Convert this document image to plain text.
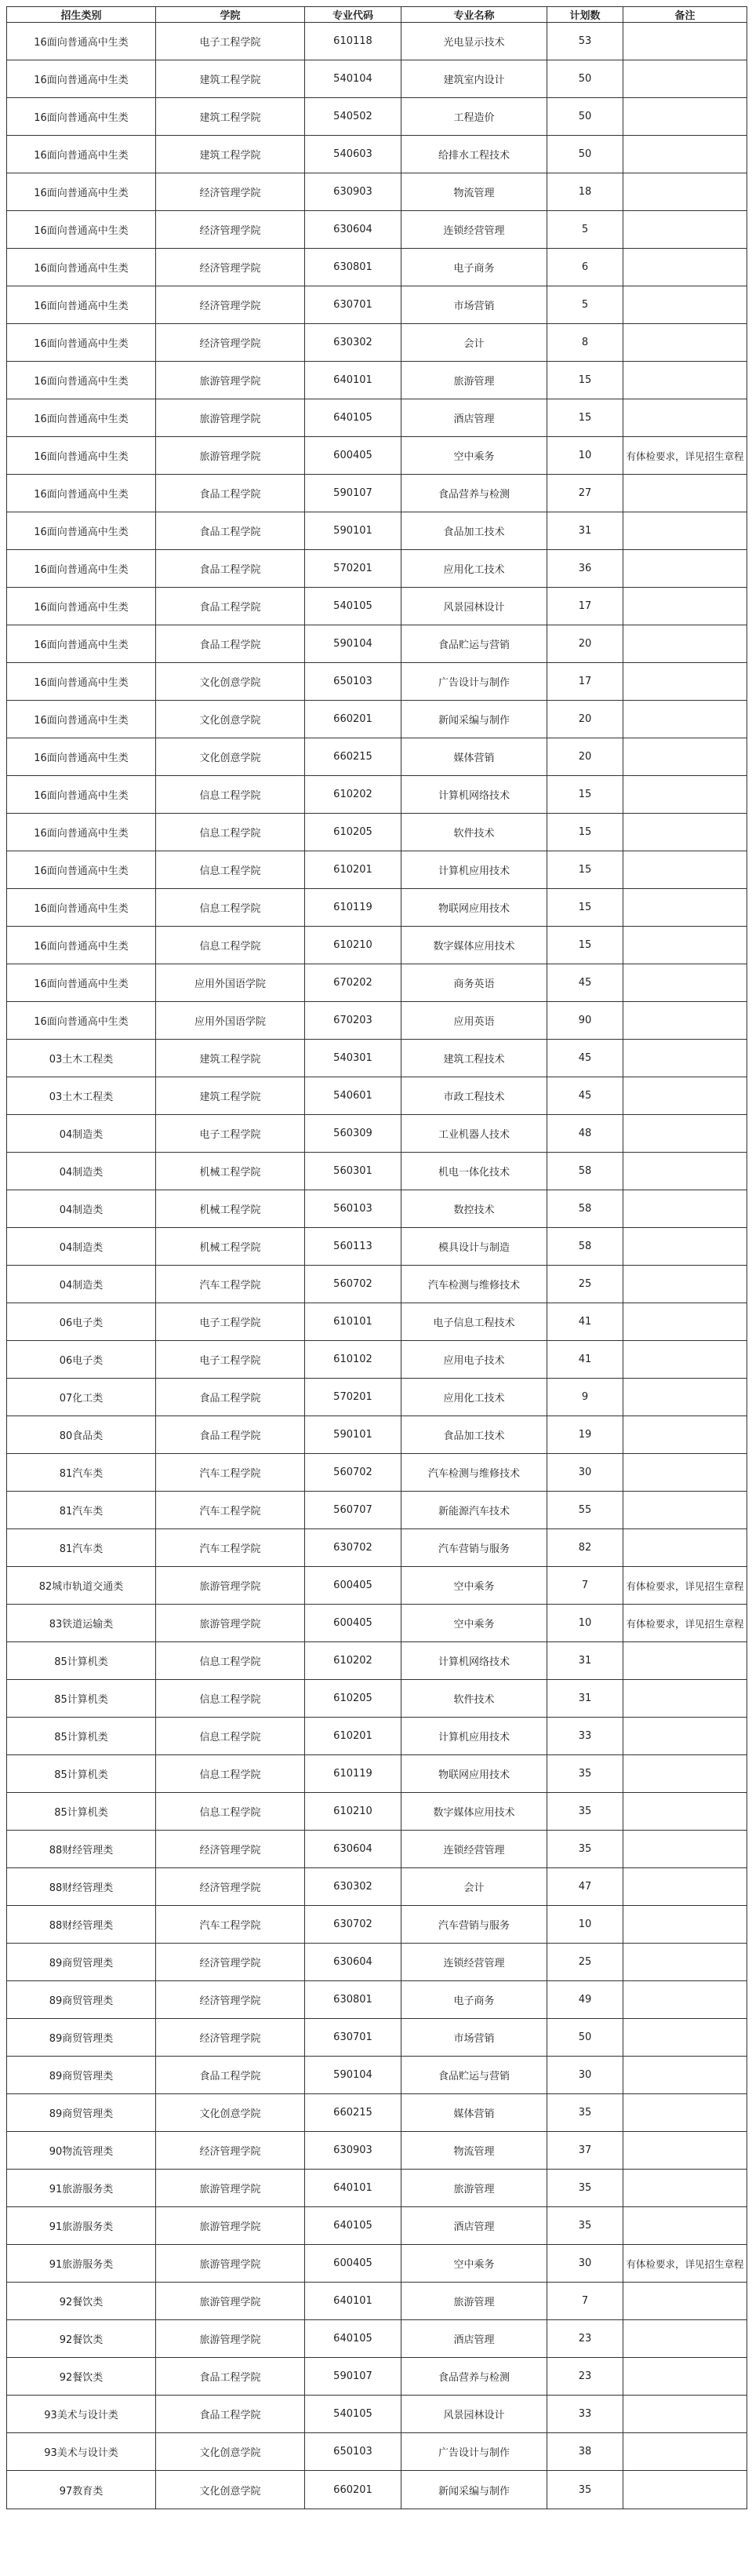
招生类别	学院	专业代码	专业名称	计划数	备注
16面向普通高中生类	电子工程学院	610118	光电显示技术	53	
16面向普通高中生类	建筑工程学院	540104	建筑室内设计	50	
16面向普通高中生类	建筑工程学院	540502	工程造价	50	
16面向普通高中生类	建筑工程学院	540603	给排水工程技术	50	
16面向普通高中生类	经济管理学院	630903	物流管理	18	
16面向普通高中生类	经济管理学院	630604	连锁经营管理	5	
16面向普通高中生类	经济管理学院	630801	电子商务	6	
16面向普通高中生类	经济管理学院	630701	市场营销	5	
16面向普通高中生类	经济管理学院	630302	会计	8	
16面向普通高中生类	旅游管理学院	640101	旅游管理	15	
16面向普通高中生类	旅游管理学院	640105	酒店管理	15	
16面向普通高中生类	旅游管理学院	600405	空中乘务	10	有体检要求，详见招生章程
16面向普通高中生类	食品工程学院	590107	食品营养与检测	27	
16面向普通高中生类	食品工程学院	590101	食品加工技术	31	
16面向普通高中生类	食品工程学院	570201	应用化工技术	36	
16面向普通高中生类	食品工程学院	540105	风景园林设计	17	
16面向普通高中生类	食品工程学院	590104	食品贮运与营销	20	
16面向普通高中生类	文化创意学院	650103	广告设计与制作	17	
16面向普通高中生类	文化创意学院	660201	新闻采编与制作	20	
16面向普通高中生类	文化创意学院	660215	媒体营销	20	
16面向普通高中生类	信息工程学院	610202	计算机网络技术	15	
16面向普通高中生类	信息工程学院	610205	软件技术	15	
16面向普通高中生类	信息工程学院	610201	计算机应用技术	15	
16面向普通高中生类	信息工程学院	610119	物联网应用技术	15	
16面向普通高中生类	信息工程学院	610210	数字媒体应用技术	15	
16面向普通高中生类	应用外国语学院	670202	商务英语	45	
16面向普通高中生类	应用外国语学院	670203	应用英语	90	
03土木工程类	建筑工程学院	540301	建筑工程技术	45	
03土木工程类	建筑工程学院	540601	市政工程技术	45	
04制造类	电子工程学院	560309	工业机器人技术	48	
04制造类	机械工程学院	560301	机电一体化技术	58	
04制造类	机械工程学院	560103	数控技术	58	
04制造类	机械工程学院	560113	模具设计与制造	58	
04制造类	汽车工程学院	560702	汽车检测与维修技术	25	
06电子类	电子工程学院	610101	电子信息工程技术	41	
06电子类	电子工程学院	610102	应用电子技术	41	
07化工类	食品工程学院	570201	应用化工技术	9	
80食品类	食品工程学院	590101	食品加工技术	19	
81汽车类	汽车工程学院	560702	汽车检测与维修技术	30	
81汽车类	汽车工程学院	560707	新能源汽车技术	55	
81汽车类	汽车工程学院	630702	汽车营销与服务	82	
82城市轨道交通类	旅游管理学院	600405	空中乘务	7	有体检要求，详见招生章程
83铁道运输类	旅游管理学院	600405	空中乘务	10	有体检要求，详见招生章程
85计算机类	信息工程学院	610202	计算机网络技术	31	
85计算机类	信息工程学院	610205	软件技术	31	
85计算机类	信息工程学院	610201	计算机应用技术	33	
85计算机类	信息工程学院	610119	物联网应用技术	35	
85计算机类	信息工程学院	610210	数字媒体应用技术	35	
88财经管理类	经济管理学院	630604	连锁经营管理	35	
88财经管理类	经济管理学院	630302	会计	47	
88财经管理类	汽车工程学院	630702	汽车营销与服务	10	
89商贸管理类	经济管理学院	630604	连锁经营管理	25	
89商贸管理类	经济管理学院	630801	电子商务	49	
89商贸管理类	经济管理学院	630701	市场营销	50	
89商贸管理类	食品工程学院	590104	食品贮运与营销	30	
89商贸管理类	文化创意学院	660215	媒体营销	35	
90物流管理类	经济管理学院	630903	物流管理	37	
91旅游服务类	旅游管理学院	640101	旅游管理	35	
91旅游服务类	旅游管理学院	640105	酒店管理	35	
91旅游服务类	旅游管理学院	600405	空中乘务	30	有体检要求，详见招生章程
92餐饮类	旅游管理学院	640101	旅游管理	7	
92餐饮类	旅游管理学院	640105	酒店管理	23	
92餐饮类	食品工程学院	590107	食品营养与检测	23	
93美术与设计类	食品工程学院	540105	风景园林设计	33	
93美术与设计类	文化创意学院	650103	广告设计与制作	38	
97教育类	文化创意学院	660201	新闻采编与制作	35	
